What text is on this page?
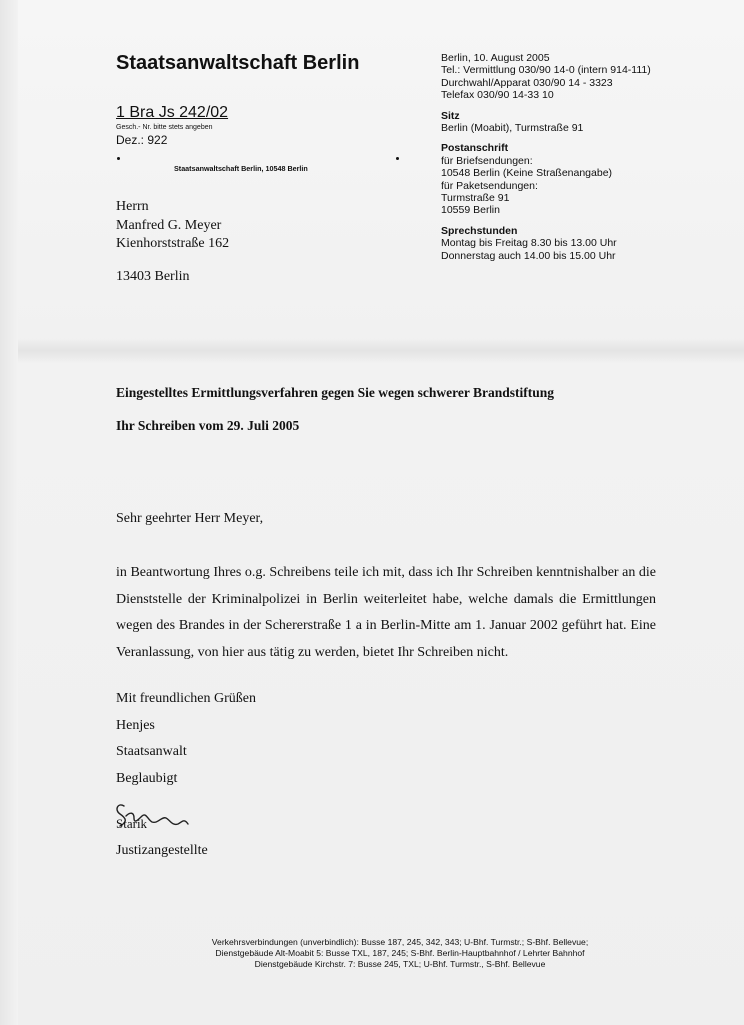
Staatsanwaltschaft Berlin
1 Bra Js 242/02
Gesch.- Nr. bitte stets angeben
Dez.: 922
Staatsanwaltschaft Berlin, 10548 Berlin
Herrn
Manfred G. Meyer
Kienhorststraße 162
13403 Berlin
Berlin, 10. August 2005
Tel.: Vermittlung 030/90 14-0 (intern 914-111)
Durchwahl/Apparat 030/90 14 - 3323
Telefax 030/90 14-33 10
Sitz
Berlin (Moabit), Turmstraße 91
Postanschrift
für Briefsendungen:
10548 Berlin (Keine Straßenangabe)
für Paketsendungen:
Turmstraße 91
10559 Berlin
Sprechstunden
Montag bis Freitag 8.30 bis 13.00 Uhr
Donnerstag auch 14.00 bis 15.00 Uhr
Eingestelltes Ermittlungsverfahren gegen Sie wegen schwerer Brandstiftung
Ihr Schreiben vom 29. Juli 2005
Sehr geehrter Herr Meyer,
in Beantwortung Ihres o.g. Schreibens teile ich mit, dass ich Ihr Schreiben kenntnishalber an die Dienststelle der Kriminalpolizei in Berlin weiterleitet habe, welche damals die Ermittlungen wegen des Brandes in der Schererstraße 1 a in Berlin-Mitte am 1. Januar 2002 geführt hat. Eine Veranlassung, von hier aus tätig zu werden, bietet Ihr Schreiben nicht.
Mit freundlichen Grüßen
Henjes
Staatsanwalt
Beglaubigt
Starik
Justizangestellte
Verkehrsverbindungen (unverbindlich): Busse 187, 245, 342, 343; U-Bhf. Turmstr.; S-Bhf. Bellevue;
Dienstgebäude Alt-Moabit 5: Busse TXL, 187, 245; S-Bhf. Berlin-Hauptbahnhof / Lehrter Bahnhof
Dienstgebäude Kirchstr. 7: Busse 245, TXL; U-Bhf. Turmstr., S-Bhf. Bellevue
